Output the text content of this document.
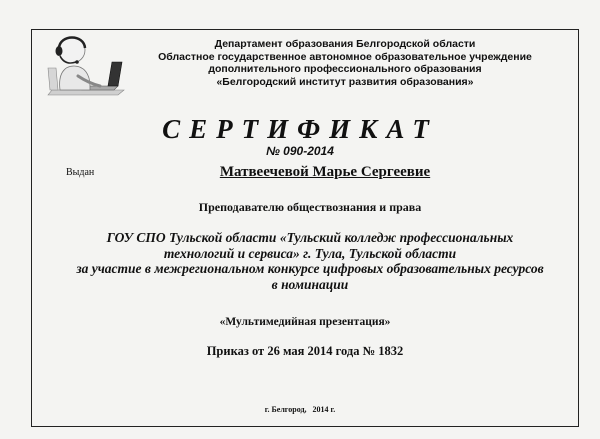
Департамент образования Белгородской области
Областное государственное автономное образовательное учреждение
дополнительного профессионального образования
«Белгородский институт развития образования»
СЕРТИФИКАТ
№ 090-2014
Выдан	Матвеечевой Марье Сергеевие
Преподавателю обществознания и права
ГОУ СПО Тульской области «Тульский колледж профессиональных
технологий и сервиса» г. Тула, Тульской области
за участие в межрегиональном конкурсе цифровых образовательных ресурсов
в номинации
«Мультимедийная презентация»
Приказ от 26 мая 2014 года № 1832
г. Белгород,   2014 г.
